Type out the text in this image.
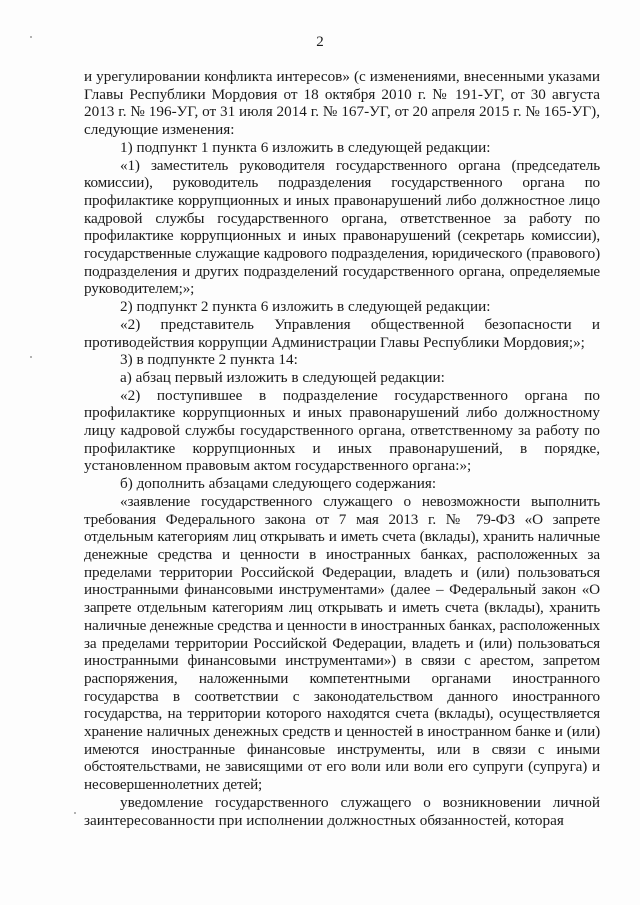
2

и урегулировании конфликта интересов» (с изменениями, внесенными указами Главы Республики Мордовия от 18 октября 2010 г. № 191-УГ, от 30 августа 2013 г. № 196-УГ, от 31 июля 2014 г. № 167-УГ, от 20 апреля 2015 г. № 165-УГ), следующие изменения:

1) подпункт 1 пункта 6 изложить в следующей редакции:

«1) заместитель руководителя государственного органа (председатель комиссии), руководитель подразделения государственного органа по профилактике коррупционных и иных правонарушений либо должностное лицо кадровой службы государственного органа, ответственное за работу по профилактике коррупционных и иных правонарушений (секретарь комиссии), государственные служащие кадрового подразделения, юридического (правового) подразделения и других подразделений государственного органа, определяемые руководителем;»;

2) подпункт 2 пункта 6 изложить в следующей редакции:

«2) представитель Управления общественной безопасности и противодействия коррупции Администрации Главы Республики Мордовия;»;

3) в подпункте 2 пункта 14:

а) абзац первый изложить в следующей редакции:

«2) поступившее в подразделение государственного органа по профилактике коррупционных и иных правонарушений либо должностному лицу кадровой службы государственного органа, ответственному за работу по профилактике коррупционных и иных правонарушений, в порядке, установленном правовым актом государственного органа:»;

б) дополнить абзацами следующего содержания:

«заявление государственного служащего о невозможности выполнить требования Федерального закона от 7 мая 2013 г. № 79-ФЗ «О запрете отдельным категориям лиц открывать и иметь счета (вклады), хранить наличные денежные средства и ценности в иностранных банках, расположенных за пределами территории Российской Федерации, владеть и (или) пользоваться иностранными финансовыми инструментами» (далее – Федеральный закон «О запрете отдельным категориям лиц открывать и иметь счета (вклады), хранить наличные денежные средства и ценности в иностранных банках, расположенных за пределами территории Российской Федерации, владеть и (или) пользоваться иностранными финансовыми инструментами») в связи с арестом, запретом распоряжения, наложенными компетентными органами иностранного государства в соответствии с законодательством данного иностранного государства, на территории которого находятся счета (вклады), осуществляется хранение наличных денежных средств и ценностей в иностранном банке и (или) имеются иностранные финансовые инструменты, или в связи с иными обстоятельствами, не зависящими от его воли или воли его супруги (супруга) и несовершеннолетних детей;

уведомление государственного служащего о возникновении личной заинтересованности при исполнении должностных обязанностей, которая
